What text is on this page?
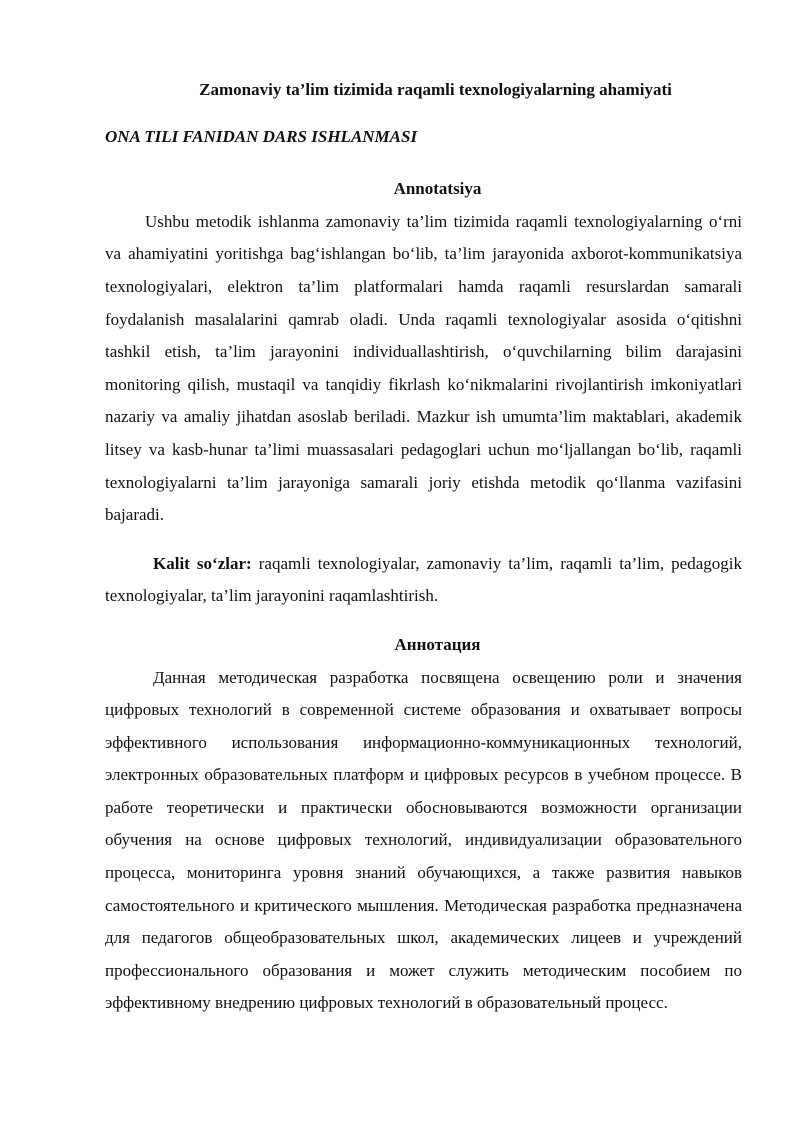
Zamonaviy ta’lim tizimida raqamli texnologiyalarning ahamiyati

ONA TILI FANIDAN DARS ISHLANMASI

Annotatsiya

Ushbu metodik ishlanma zamonaviy ta’lim tizimida raqamli texnologiyalarning o‘rni va ahamiyatini yoritishga bag‘ishlangan bo‘lib, ta’lim jarayonida axborot-kommunikatsiya texnologiyalari, elektron ta’lim platformalari hamda raqamli resurslardan samarali foydalanish masalalarini qamrab oladi. Unda raqamli texnologiyalar asosida o‘qitishni tashkil etish, ta’lim jarayonini individuallashtirish, o‘quvchilarning bilim darajasini monitoring qilish, mustaqil va tanqidiy fikrlash ko‘nikmalarini rivojlantirish imkoniyatlari nazariy va amaliy jihatdan asoslab beriladi. Mazkur ish umumta’lim maktablari, akademik litsey va kasb-hunar ta’limi muassasalari pedagoglari uchun mo‘ljallangan bo‘lib, raqamli texnologiyalarni ta’lim jarayoniga samarali joriy etishda metodik qo‘llanma vazifasini bajaradi.

Kalit so‘zlar: raqamli texnologiyalar, zamonaviy ta’lim, raqamli ta’lim, pedagogik texnologiyalar, ta’lim jarayonini raqamlashtirish.

Аннотация

Данная методическая разработка посвящена освещению роли и значения цифровых технологий в современной системе образования и охватывает вопросы эффективного использования информационно-коммуникационных технологий, электронных образовательных платформ и цифровых ресурсов в учебном процессе. В работе теоретически и практически обосновываются возможности организации обучения на основе цифровых технологий, индивидуализации образовательного процесса, мониторинга уровня знаний обучающихся, а также развития навыков самостоятельного и критического мышления. Методическая разработка предназначена для педагогов общеобразовательных школ, академических лицеев и учреждений профессионального образования и может служить методическим пособием по эффективному внедрению цифровых технологий в образовательный процесс.
